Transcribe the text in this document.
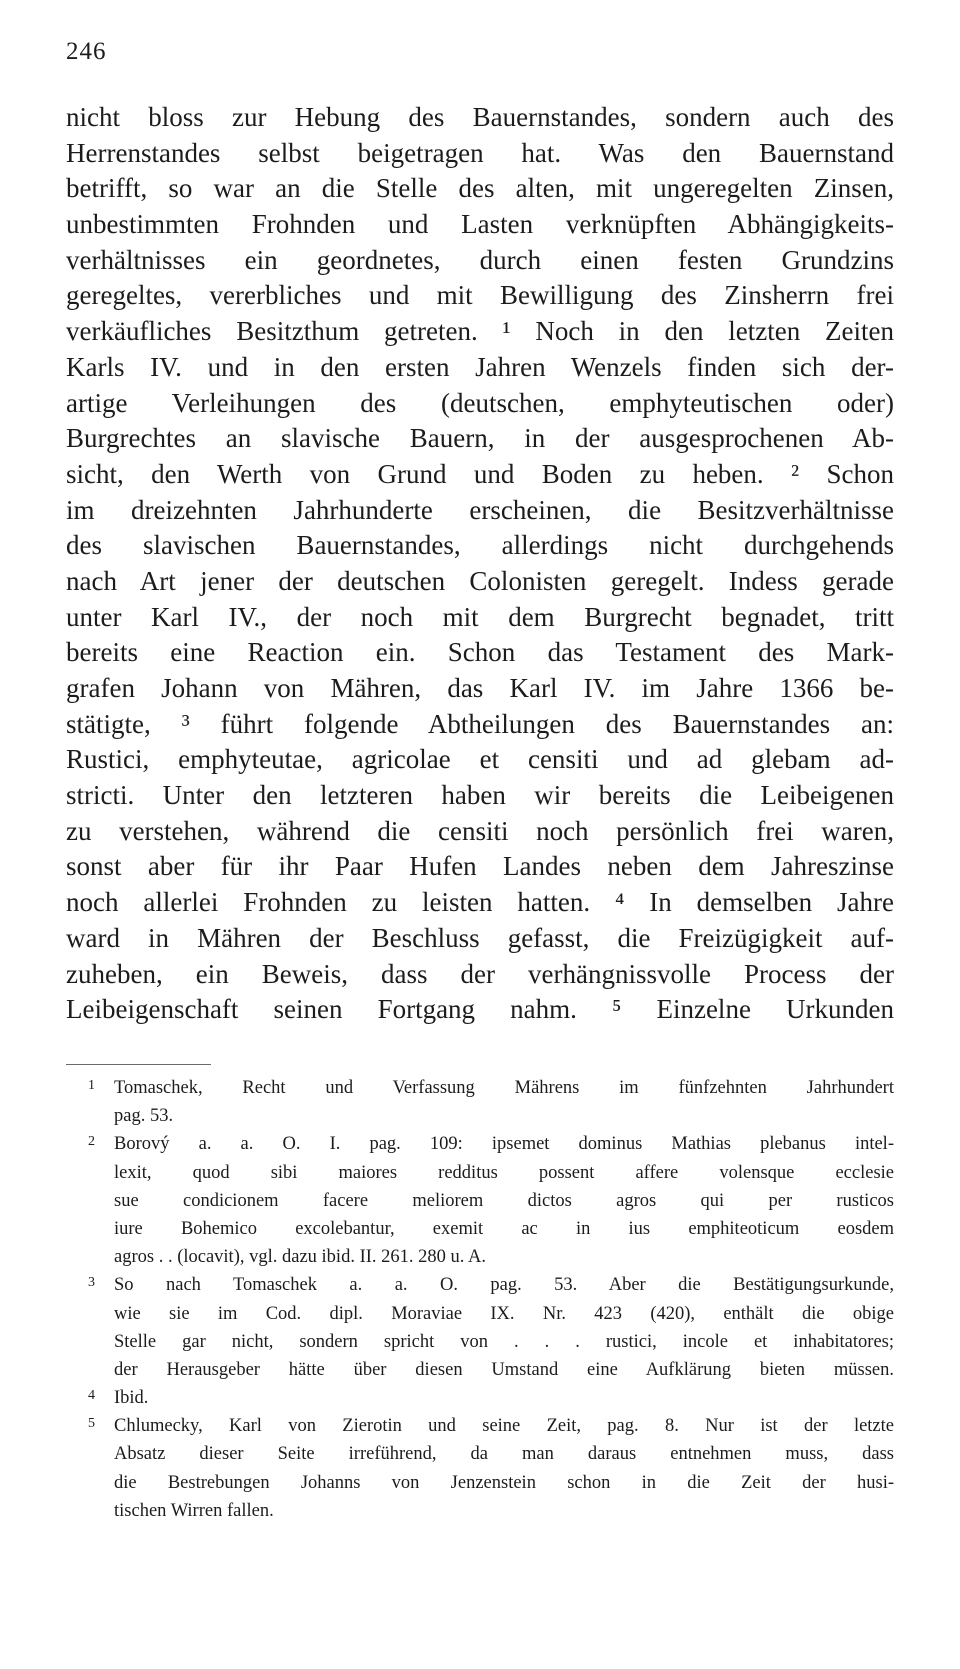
246
nicht bloss zur Hebung des Bauernstandes, sondern auch des
Herrenstandes selbst beigetragen hat. Was den Bauernstand
betrifft, so war an die Stelle des alten, mit ungeregelten Zinsen,
unbestimmten Frohnden und Lasten verknüpften Abhängigkeits-
verhältnisses ein geordnetes, durch einen festen Grundzins
geregeltes, vererbliches und mit Bewilligung des Zinsherrn frei
verkäufliches Besitzthum getreten. ¹ Noch in den letzten Zeiten
Karls IV. und in den ersten Jahren Wenzels finden sich der-
artige Verleihungen des (deutschen, emphyteutischen oder)
Burgrechtes an slavische Bauern, in der ausgesprochenen Ab-
sicht, den Werth von Grund und Boden zu heben. ² Schon
im dreizehnten Jahrhunderte erscheinen, die Besitzverhältnisse
des slavischen Bauernstandes, allerdings nicht durchgehends
nach Art jener der deutschen Colonisten geregelt. Indess gerade
unter Karl IV., der noch mit dem Burgrecht begnadet, tritt
bereits eine Reaction ein. Schon das Testament des Mark-
grafen Johann von Mähren, das Karl IV. im Jahre 1366 be-
stätigte, ³ führt folgende Abtheilungen des Bauernstandes an:
Rustici, emphyteutae, agricolae et censiti und ad glebam ad-
stricti. Unter den letzteren haben wir bereits die Leibeigenen
zu verstehen, während die censiti noch persönlich frei waren,
sonst aber für ihr Paar Hufen Landes neben dem Jahreszinse
noch allerlei Frohnden zu leisten hatten. ⁴ In demselben Jahre
ward in Mähren der Beschluss gefasst, die Freizügigkeit auf-
zuheben, ein Beweis, dass der verhängnissvolle Process der
Leibeigenschaft seinen Fortgang nahm. ⁵ Einzelne Urkunden
1 Tomaschek, Recht und Verfassung Mährens im fünfzehnten Jahrhundert
pag. 53.
2 Borový a. a. O. I. pag. 109: ipsemet dominus Mathias plebanus intel-
lexit, quod sibi maiores redditus possent affere volensque ecclesie
sue condicionem facere meliorem dictos agros qui per rusticos
iure Bohemico excolebantur, exemit ac in ius emphiteoticum eosdem
agros . . (locavit), vgl. dazu ibid. II. 261. 280 u. A.
3 So nach Tomaschek a. a. O. pag. 53. Aber die Bestätigungsurkunde,
wie sie im Cod. dipl. Moraviae IX. Nr. 423 (420), enthält die obige
Stelle gar nicht, sondern spricht von . . . rustici, incole et inhabitatores;
der Herausgeber hätte über diesen Umstand eine Aufklärung bieten müssen.
4 Ibid.
5 Chlumecky, Karl von Zierotin und seine Zeit, pag. 8. Nur ist der letzte
Absatz dieser Seite irreführend, da man daraus entnehmen muss, dass
die Bestrebungen Johanns von Jenzenstein schon in die Zeit der husi-
tischen Wirren fallen.
